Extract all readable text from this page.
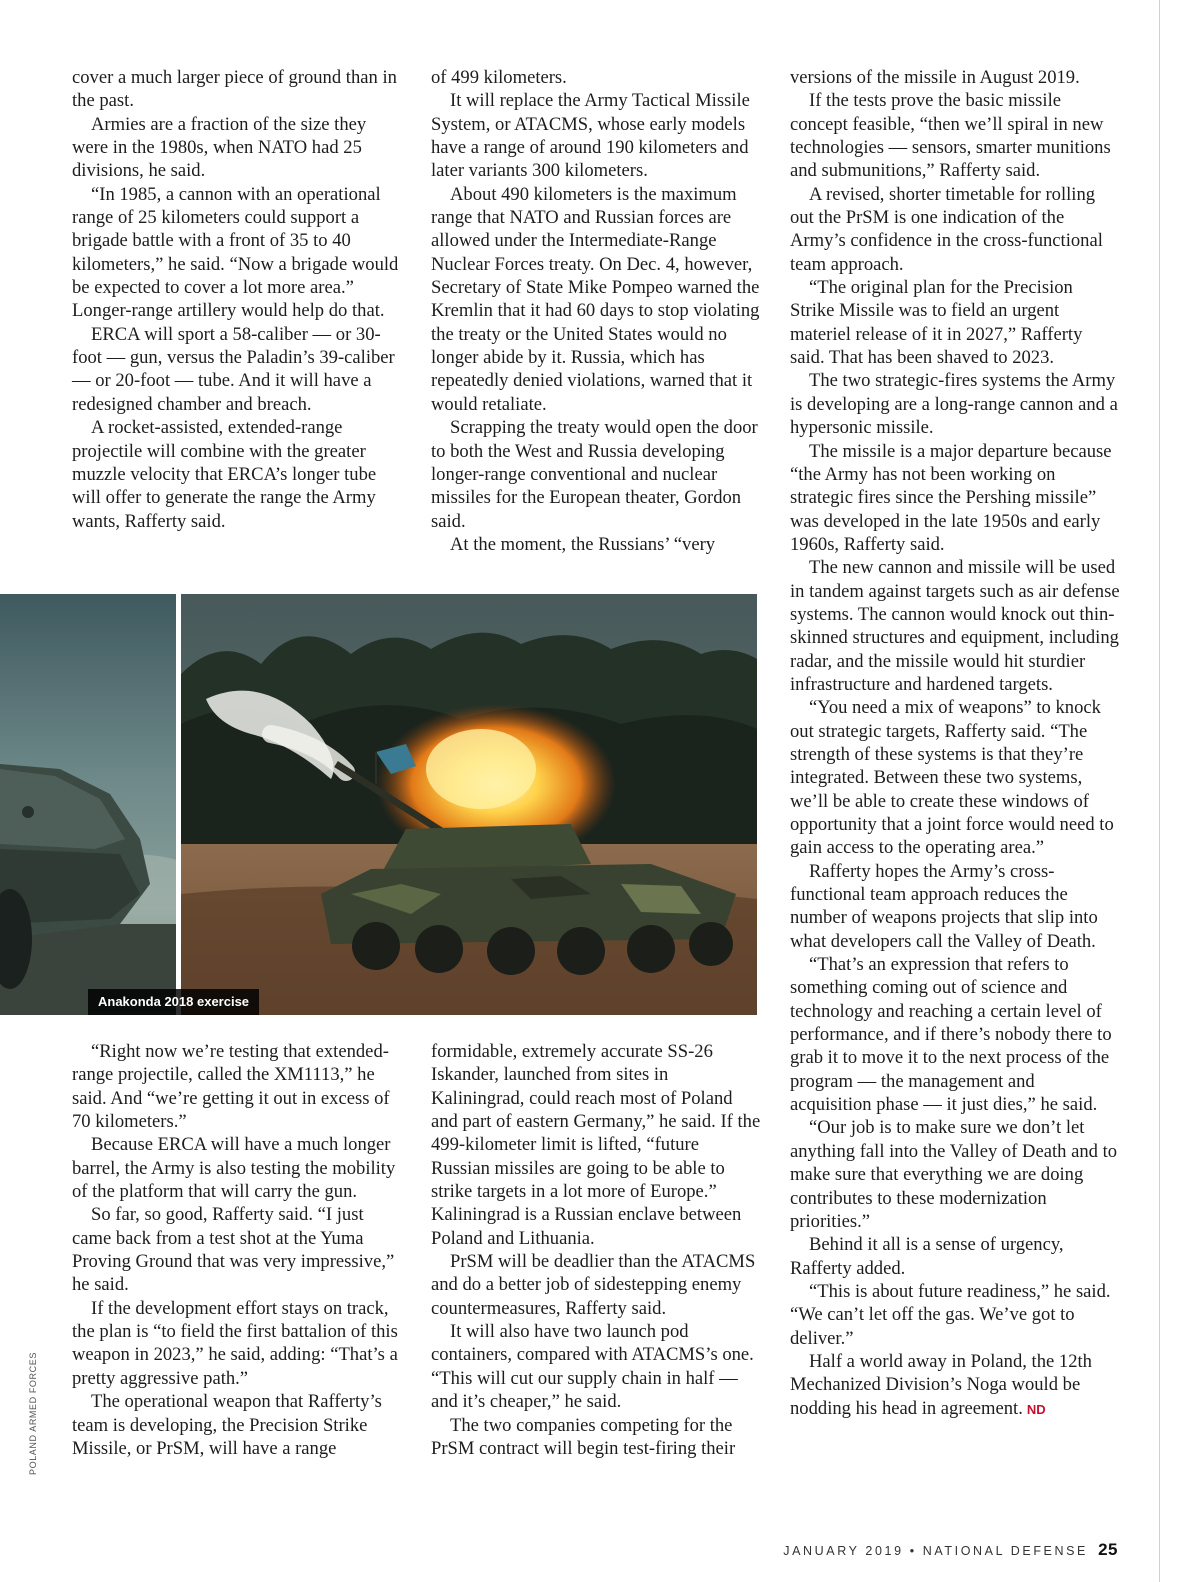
cover a much larger piece of ground than in the past.

Armies are a fraction of the size they were in the 1980s, when NATO had 25 divisions, he said.

“In 1985, a cannon with an operational range of 25 kilometers could support a brigade battle with a front of 35 to 40 kilometers,” he said. “Now a brigade would be expected to cover a lot more area.” Longer-range artillery would help do that.

ERCA will sport a 58-caliber — or 30-foot — gun, versus the Paladin’s 39-caliber — or 20-foot — tube. And it will have a redesigned chamber and breach.

A rocket-assisted, extended-range projectile will combine with the greater muzzle velocity that ERCA’s longer tube will offer to generate the range the Army wants, Rafferty said.

of 499 kilometers.

It will replace the Army Tactical Missile System, or ATACMS, whose early models have a range of around 190 kilometers and later variants 300 kilometers.

About 490 kilometers is the maximum range that NATO and Russian forces are allowed under the Intermediate-Range Nuclear Forces treaty. On Dec. 4, however, Secretary of State Mike Pompeo warned the Kremlin that it had 60 days to stop violating the treaty or the United States would no longer abide by it. Russia, which has repeatedly denied violations, warned that it would retaliate.

Scrapping the treaty would open the door to both the West and Russia developing longer-range conventional and nuclear missiles for the European theater, Gordon said.

At the moment, the Russians’ “very

versions of the missile in August 2019.

If the tests prove the basic missile concept feasible, “then we’ll spiral in new technologies — sensors, smarter munitions and submunitions,” Rafferty said.

A revised, shorter timetable for rolling out the PrSM is one indication of the Army’s confidence in the cross-functional team approach.

“The original plan for the Precision Strike Missile was to field an urgent materiel release of it in 2027,” Rafferty said. That has been shaved to 2023.

The two strategic-fires systems the Army is developing are a long-range cannon and a hypersonic missile.

The missile is a major departure because “the Army has not been working on strategic fires since the Pershing missile” was developed in the late 1950s and early 1960s, Rafferty said.

The new cannon and missile will be used in tandem against targets such as air defense systems. The cannon would knock out thin-skinned structures and equipment, including radar, and the missile would hit sturdier infrastructure and hardened targets.

“You need a mix of weapons” to knock out strategic targets, Rafferty said. “The strength of these systems is that they’re integrated. Between these two systems, we’ll be able to create these windows of opportunity that a joint force would need to gain access to the operating area.”

Rafferty hopes the Army’s cross-functional team approach reduces the number of weapons projects that slip into what developers call the Valley of Death.

“That’s an expression that refers to something coming out of science and technology and reaching a certain level of performance, and if there’s nobody there to grab it to move it to the next process of the program — the management and acquisition phase — it just dies,” he said.

“Our job is to make sure we don’t let anything fall into the Valley of Death and to make sure that everything we are doing contributes to these modernization priorities.”

Behind it all is a sense of urgency, Rafferty added.

“This is about future readiness,” he said. “We can’t let off the gas. We’ve got to deliver.”

Half a world away in Poland, the 12th Mechanized Division’s Noga would be nodding his head in agreement. ND

Anakonda 2018 exercise
POLAND ARMED FORCES

“Right now we’re testing that extended-range projectile, called the XM1113,” he said. And “we’re getting it out in excess of 70 kilometers.”

Because ERCA will have a much longer barrel, the Army is also testing the mobility of the platform that will carry the gun.

So far, so good, Rafferty said. “I just came back from a test shot at the Yuma Proving Ground that was very impressive,” he said.

If the development effort stays on track, the plan is “to field the first battalion of this weapon in 2023,” he said, adding: “That’s a pretty aggressive path.”

The operational weapon that Rafferty’s team is developing, the Precision Strike Missile, or PrSM, will have a range

formidable, extremely accurate SS-26 Iskander, launched from sites in Kaliningrad, could reach most of Poland and part of eastern Germany,” he said. If the 499-kilometer limit is lifted, “future Russian missiles are going to be able to strike targets in a lot more of Europe.” Kaliningrad is a Russian enclave between Poland and Lithuania.

PrSM will be deadlier than the ATACMS and do a better job of sidestepping enemy countermeasures, Rafferty said.

It will also have two launch pod containers, compared with ATACMS’s one. “This will cut our supply chain in half — and it’s cheaper,” he said.

The two companies competing for the PrSM contract will begin test-firing their

JANUARY 2019 • NATIONAL DEFENSE 25
